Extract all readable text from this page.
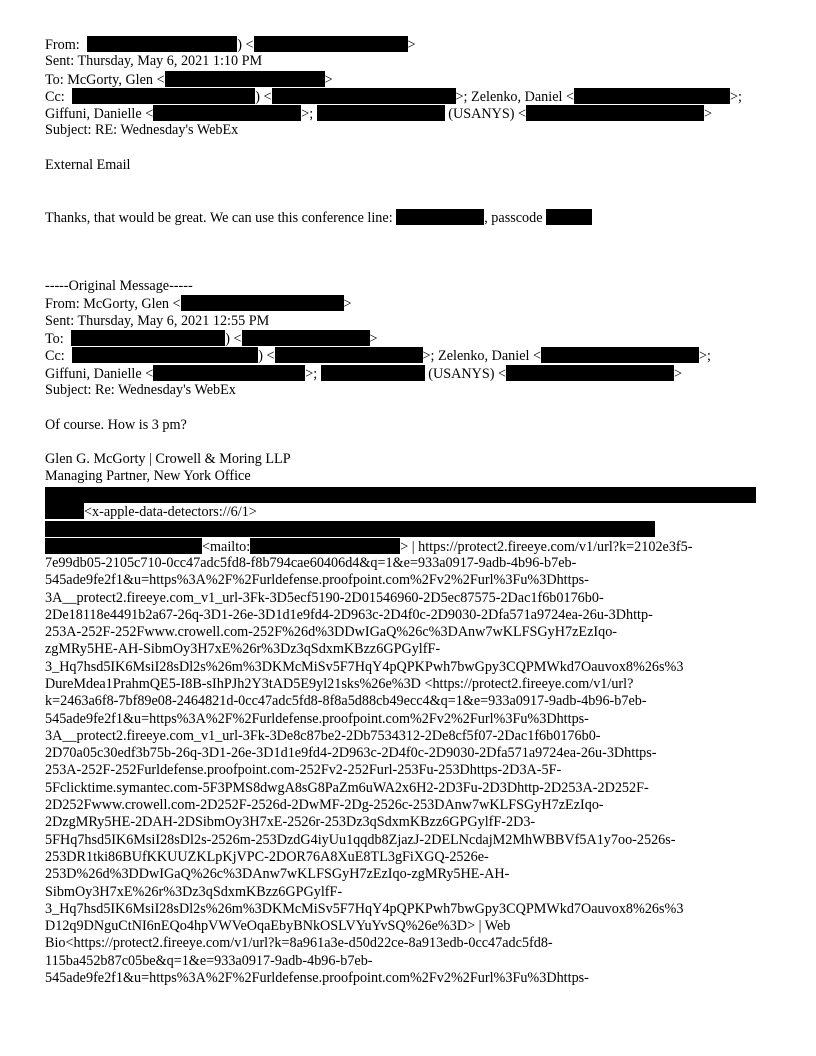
From:	) <	>
Sent: Thursday, May 6, 2021 1:10 PM
To: McGorty, Glen <	>
Cc:	) <	>; Zelenko, Daniel <	>;
Giffuni, Danielle <	>;	(USANYS) <	>
Subject: RE: Wednesday's WebEx
External Email
Thanks, that would be great. We can use this conference line:	, passcode
-----Original Message-----
From: McGorty, Glen <	>
Sent: Thursday, May 6, 2021 12:55 PM
To:	) <	>
Cc:	) <	>; Zelenko, Daniel <	>;
Giffuni, Danielle <	>;	(USANYS) <	>
Subject: Re: Wednesday's WebEx
Of course. How is 3 pm?
Glen G. McGorty | Crowell & Moring LLP
Managing Partner, New York Office
<x-apple-data-detectors://6/1>
<mailto:	> | https://protect2.fireeye.com/v1/url?k=2102e3f5-
7e99db05-2105c710-0cc47adc5fd8-f8b794cae60406d4&q=1&e=933a0917-9adb-4b96-b7eb-
545ade9fe2f1&u=https%3A%2F%2Furldefense.proofpoint.com%2Fv2%2Furl%3Fu%3Dhttps-
3A__protect2.fireeye.com_v1_url-3Fk-3D5ecf5190-2D01546960-2D5ec87575-2Dac1f6b0176b0-
2De18118e4491b2a67-26q-3D1-26e-3D1d1e9fd4-2D963c-2D4f0c-2D9030-2Dfa571a9724ea-26u-3Dhttp-
253A-252F-252Fwww.crowell.com-252F%26d%3DDwIGaQ%26c%3DAnw7wKLFSGyH7zEzIqo-
zgMRy5HE-AH-SibmOy3H7xE%26r%3Dz3qSdxmKBzz6GPGylfF-
3_Hq7hsd5IK6MsiI28sDl2s%26m%3DKMcMiSv5F7HqY4pQPKPwh7bwGpy3CQPMWkd7Oauvox8%26s%3
DureMdea1PrahmQE5-I8B-sIhPJh2Y3tAD5E9yl21sks%26e%3D <https://protect2.fireeye.com/v1/url?
k=2463a6f8-7bf89e08-2464821d-0cc47adc5fd8-8f8a5d88cb49ecc4&q=1&e=933a0917-9adb-4b96-b7eb-
545ade9fe2f1&u=https%3A%2F%2Furldefense.proofpoint.com%2Fv2%2Furl%3Fu%3Dhttps-
3A__protect2.fireeye.com_v1_url-3Fk-3De8c87be2-2Db7534312-2De8cf5f07-2Dac1f6b0176b0-
2D70a05c30edf3b75b-26q-3D1-26e-3D1d1e9fd4-2D963c-2D4f0c-2D9030-2Dfa571a9724ea-26u-3Dhttps-
253A-252F-252Furldefense.proofpoint.com-252Fv2-252Furl-253Fu-253Dhttps-2D3A-5F-
5Fclicktime.symantec.com-5F3PMS8dwgA8sG8PaZm6uWA2x6H2-2D3Fu-2D3Dhttp-2D253A-2D252F-
2D252Fwww.crowell.com-2D252F-2526d-2DwMF-2Dg-2526c-253DAnw7wKLFSGyH7zEzIqo-
2DzgMRy5HE-2DAH-2DSibmOy3H7xE-2526r-253Dz3qSdxmKBzz6GPGylfF-2D3-
5FHq7hsd5IK6MsiI28sDl2s-2526m-253DzdG4iyUu1qqdb8ZjazJ-2DELNcdajM2MhWBBVf5A1y7oo-2526s-
253DR1tki86BUfKKUUZKLpKjVPC-2DOR76A8XuE8TL3gFiXGQ-2526e-
253D%26d%3DDwIGaQ%26c%3DAnw7wKLFSGyH7zEzIqo-zgMRy5HE-AH-
SibmOy3H7xE%26r%3Dz3qSdxmKBzz6GPGylfF-
3_Hq7hsd5IK6MsiI28sDl2s%26m%3DKMcMiSv5F7HqY4pQPKPwh7bwGpy3CQPMWkd7Oauvox8%26s%3
D12q9DNguCtNI6nEQo4hpVWVeOqaEbyBNkOSLVYuYvSQ%26e%3D> | Web
Bio<https://protect2.fireeye.com/v1/url?k=8a961a3e-d50d22ce-8a913edb-0cc47adc5fd8-
115ba452b87c05be&q=1&e=933a0917-9adb-4b96-b7eb-
545ade9fe2f1&u=https%3A%2F%2Furldefense.proofpoint.com%2Fv2%2Furl%3Fu%3Dhttps-
